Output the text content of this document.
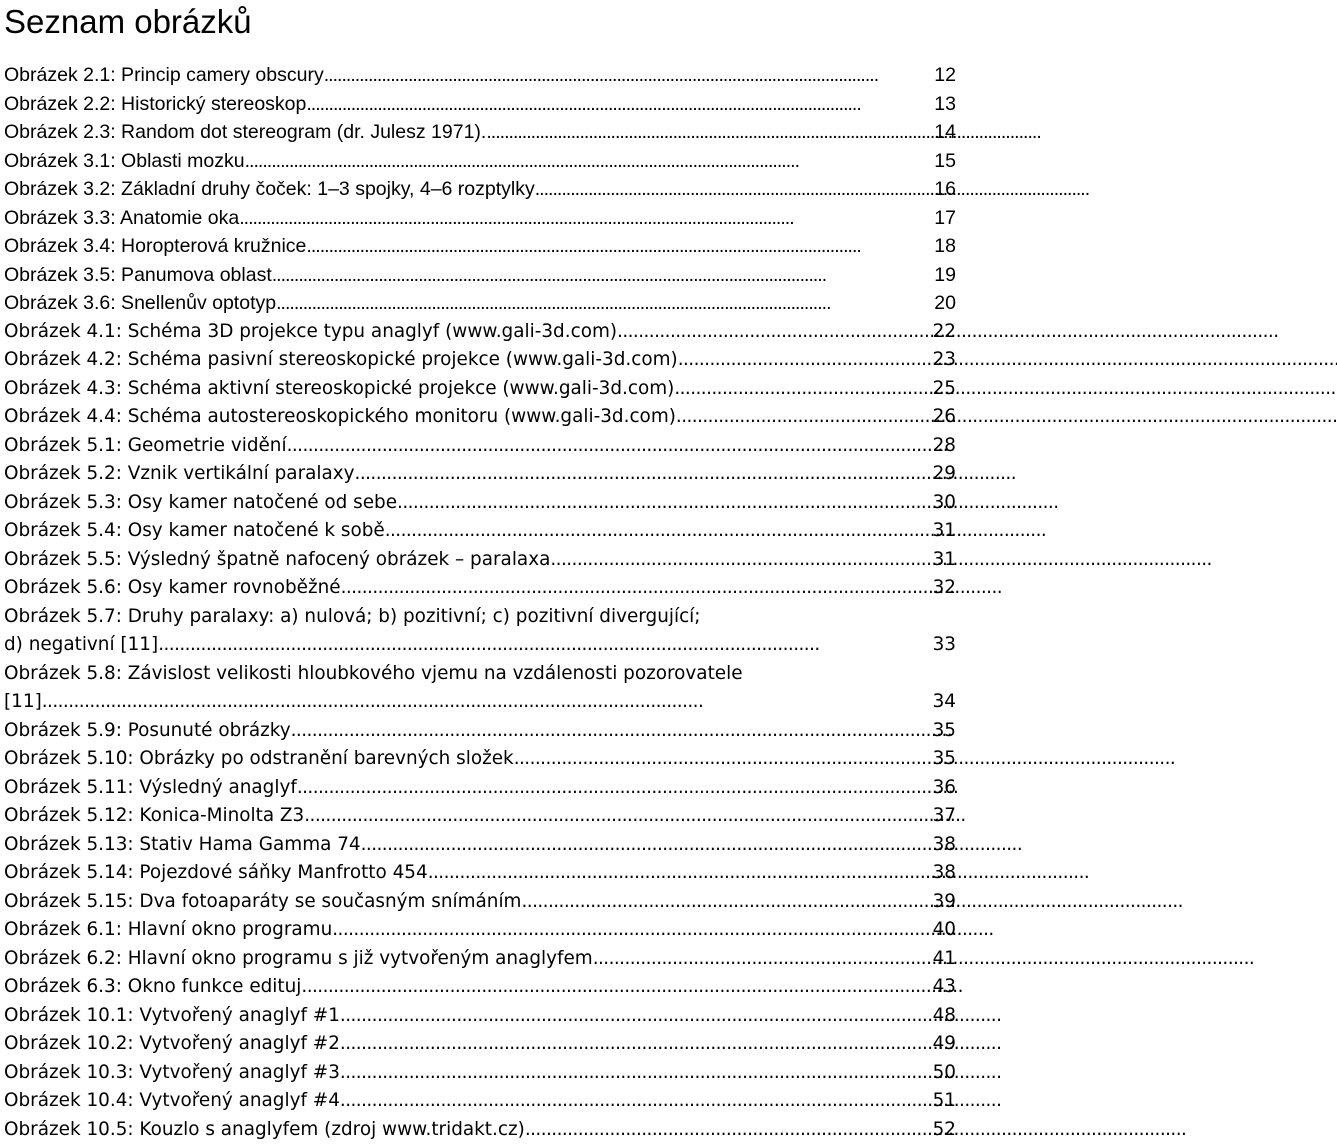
Seznam obrázků
Obrázek 2.1: Princip camery obscury . . .	12
Obrázek 2.2: Historický stereoskop . . .	13
Obrázek 2.3: Random dot stereogram (dr. Julesz 1971). . . .	14
Obrázek 3.1: Oblasti mozku . . .	15
Obrázek 3.2: Základní druhy čoček: 1–3 spojky, 4–6 rozptylky . . .	16
Obrázek 3.3: Anatomie oka . . .	17
Obrázek 3.4: Horopterová kružnice . . .	18
Obrázek 3.5: Panumova oblast . . .	19
Obrázek 3.6: Snellenův optotyp . . .	20
Obrázek 4.1: Schéma 3D projekce typu anaglyf (www.gali-3d.com) . . .	22
Obrázek 4.2: Schéma pasivní stereoskopické projekce (www.gali-3d.com) . . .	23
Obrázek 4.3: Schéma aktivní stereoskopické projekce (www.gali-3d.com) . . .	25
Obrázek 4.4: Schéma autostereoskopického monitoru (www.gali-3d.com) . . .	26
Obrázek 5.1: Geometrie vidění . . .	28
Obrázek 5.2: Vznik vertikální paralaxy . . .	29
Obrázek 5.3: Osy kamer natočené od sebe . . .	30
Obrázek 5.4: Osy kamer natočené k sobě . . .	31
Obrázek 5.5: Výsledný špatně nafocený obrázek – paralaxa . . .	31
Obrázek 5.6: Osy kamer rovnoběžné . . .	32
Obrázek 5.7: Druhy paralaxy: a) nulová; b) pozitivní; c) pozitivní divergující;
d) negativní [11] . . .	33
Obrázek 5.8: Závislost velikosti hloubkového vjemu na vzdálenosti pozorovatele
[11] . . .	34
Obrázek 5.9: Posunuté obrázky . . .	35
Obrázek 5.10: Obrázky po odstranění barevných složek . . .	35
Obrázek 5.11: Výsledný anaglyf . . .	36
Obrázek 5.12: Konica-Minolta Z3 . . .	37
Obrázek 5.13: Stativ Hama Gamma 74 . . .	38
Obrázek 5.14: Pojezdové sáňky Manfrotto 454 . . .	38
Obrázek 5.15: Dva fotoaparáty se současným snímáním . . .	39
Obrázek 6.1: Hlavní okno programu . . .	40
Obrázek 6.2: Hlavní okno programu s již vytvořeným anaglyfem . . .	41
Obrázek 6.3: Okno funkce edituj . . .	43
Obrázek 10.1: Vytvořený anaglyf #1 . . .	48
Obrázek 10.2: Vytvořený anaglyf #2 . . .	49
Obrázek 10.3: Vytvořený anaglyf #3 . . .	50
Obrázek 10.4: Vytvořený anaglyf #4 . . .	51
Obrázek 10.5: Kouzlo s anaglyfem (zdroj www.tridakt.cz) . . .	52
